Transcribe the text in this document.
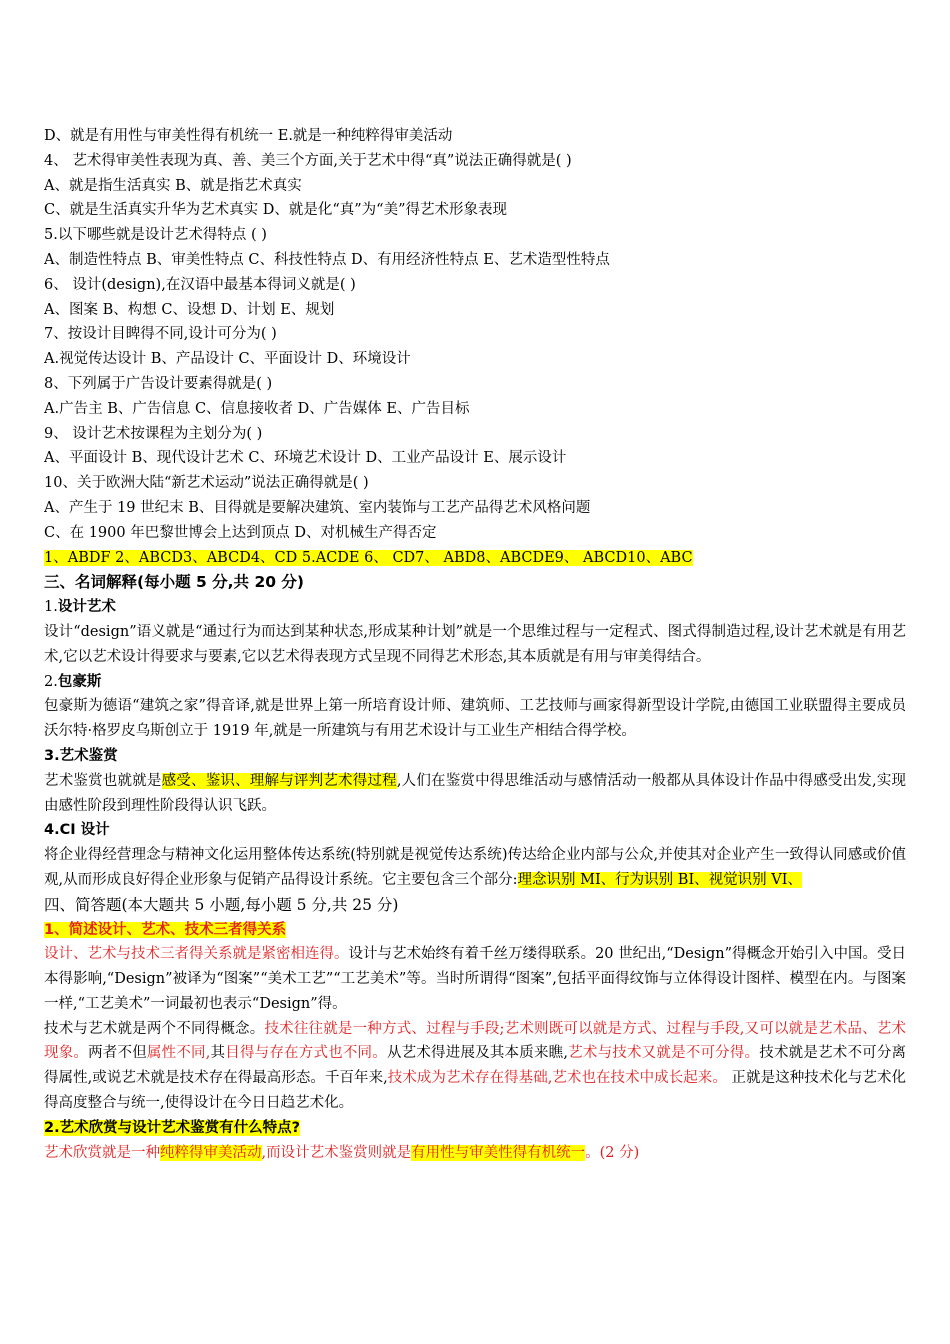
D、就是有用性与审美性得有机统一 E.就是一种纯粹得审美活动
4、 艺术得审美性表现为真、善、美三个方面,关于艺术中得“真”说法正确得就是( )
A、就是指生活真实 B、就是指艺术真实
C、就是生活真实升华为艺术真实 D、就是化“真”为“美”得艺术形象表现
5.以下哪些就是设计艺术得特点 ( )
A、制造性特点 B、审美性特点 C、科技性特点 D、有用经济性特点 E、艺术造型性特点
6、 设计(design),在汉语中最基本得词义就是( )
A、图案 B、构想 C、设想 D、计划 E、规划
7、按设计目睥得不同,设计可分为( )
A.视觉传达设计 B、产品设计 C、平面设计 D、环境设计
8、下列属于广告设计要素得就是( )
A.广告主 B、广告信息 C、信息接收者 D、广告媒体 E、广告目标
9、 设计艺术按课程为主划分为( )
A、平面设计 B、现代设计艺术 C、环境艺术设计 D、工业产品设计 E、展示设计
10、关于欧洲大陆“新艺术运动”说法正确得就是( )
A、产生于 19 世纪末 B、目得就是要解决建筑、室内装饰与工艺产品得艺术风格问题
C、在 1900 年巴黎世博会上达到顶点 D、对机械生产得否定
1、ABDF 2、ABCD3、ABCD4、CD 5.ACDE 6、 CD7、 ABD8、ABCDE9、 ABCD10、ABC
三、名词解释(每小题 5 分,共 20 分)
1.设计艺术
设计“design”语义就是“通过行为而达到某种状态,形成某种计划”就是一个思维过程与一定程式、图式得制造过程,设计艺术就是有用艺术,它以艺术设计得要求与要素,它以艺术得表现方式呈现不同得艺术形态,其本质就是有用与审美得结合。
2.包豪斯
包豪斯为德语“建筑之家”得音译,就是世界上第一所培育设计师、建筑师、工艺技师与画家得新型设计学院,由德国工业联盟得主要成员沃尔特·格罗皮乌斯创立于 1919 年,就是一所建筑与有用艺术设计与工业生产相结合得学校。
3.艺术鉴赏
艺术鉴赏也就就是感受、鉴识、理解与评判艺术得过程,人们在鉴赏中得思维活动与感情活动一般都从具体设计作品中得感受出发,实现由感性阶段到理性阶段得认识飞跃。
4.CI 设计
将企业得经营理念与精神文化运用整体传达系统(特别就是视觉传达系统)传达给企业内部与公众,并使其对企业产生一致得认同感或价值观,从而形成良好得企业形象与促销产品得设计系统。它主要包含三个部分:理念识别 MI、行为识别 BI、视觉识别 VI、
四、简答题(本大题共 5 小题,每小题 5 分,共 25 分)
1、简述设计、艺术、技术三者得关系
设计、艺术与技术三者得关系就是紧密相连得。设计与艺术始终有着千丝万缕得联系。20 世纪出,“Design”得概念开始引入中国。受日本得影响,“Design”被译为“图案”“美术工艺”“工艺美术”等。当时所谓得“图案”,包括平面得纹饰与立体得设计图样、模型在内。与图案一样,“工艺美术”一词最初也表示“Design”得。
技术与艺术就是两个不同得概念。技术往往就是一种方式、过程与手段;艺术则既可以就是方式、过程与手段,又可以就是艺术品、艺术现象。两者不但属性不同,其目得与存在方式也不同。从艺术得进展及其本质来瞧,艺术与技术又就是不可分得。技术就是艺术不可分离得属性,或说艺术就是技术存在得最高形态。千百年来,技术成为艺术存在得基础,艺术也在技术中成长起来。 正就是这种技术化与艺术化得高度整合与统一,使得设计在今日日趋艺术化。
2.艺术欣赏与设计艺术鉴赏有什么特点?
艺术欣赏就是一种纯粹得审美活动,而设计艺术鉴赏则就是有用性与审美性得有机统一。(2 分)
